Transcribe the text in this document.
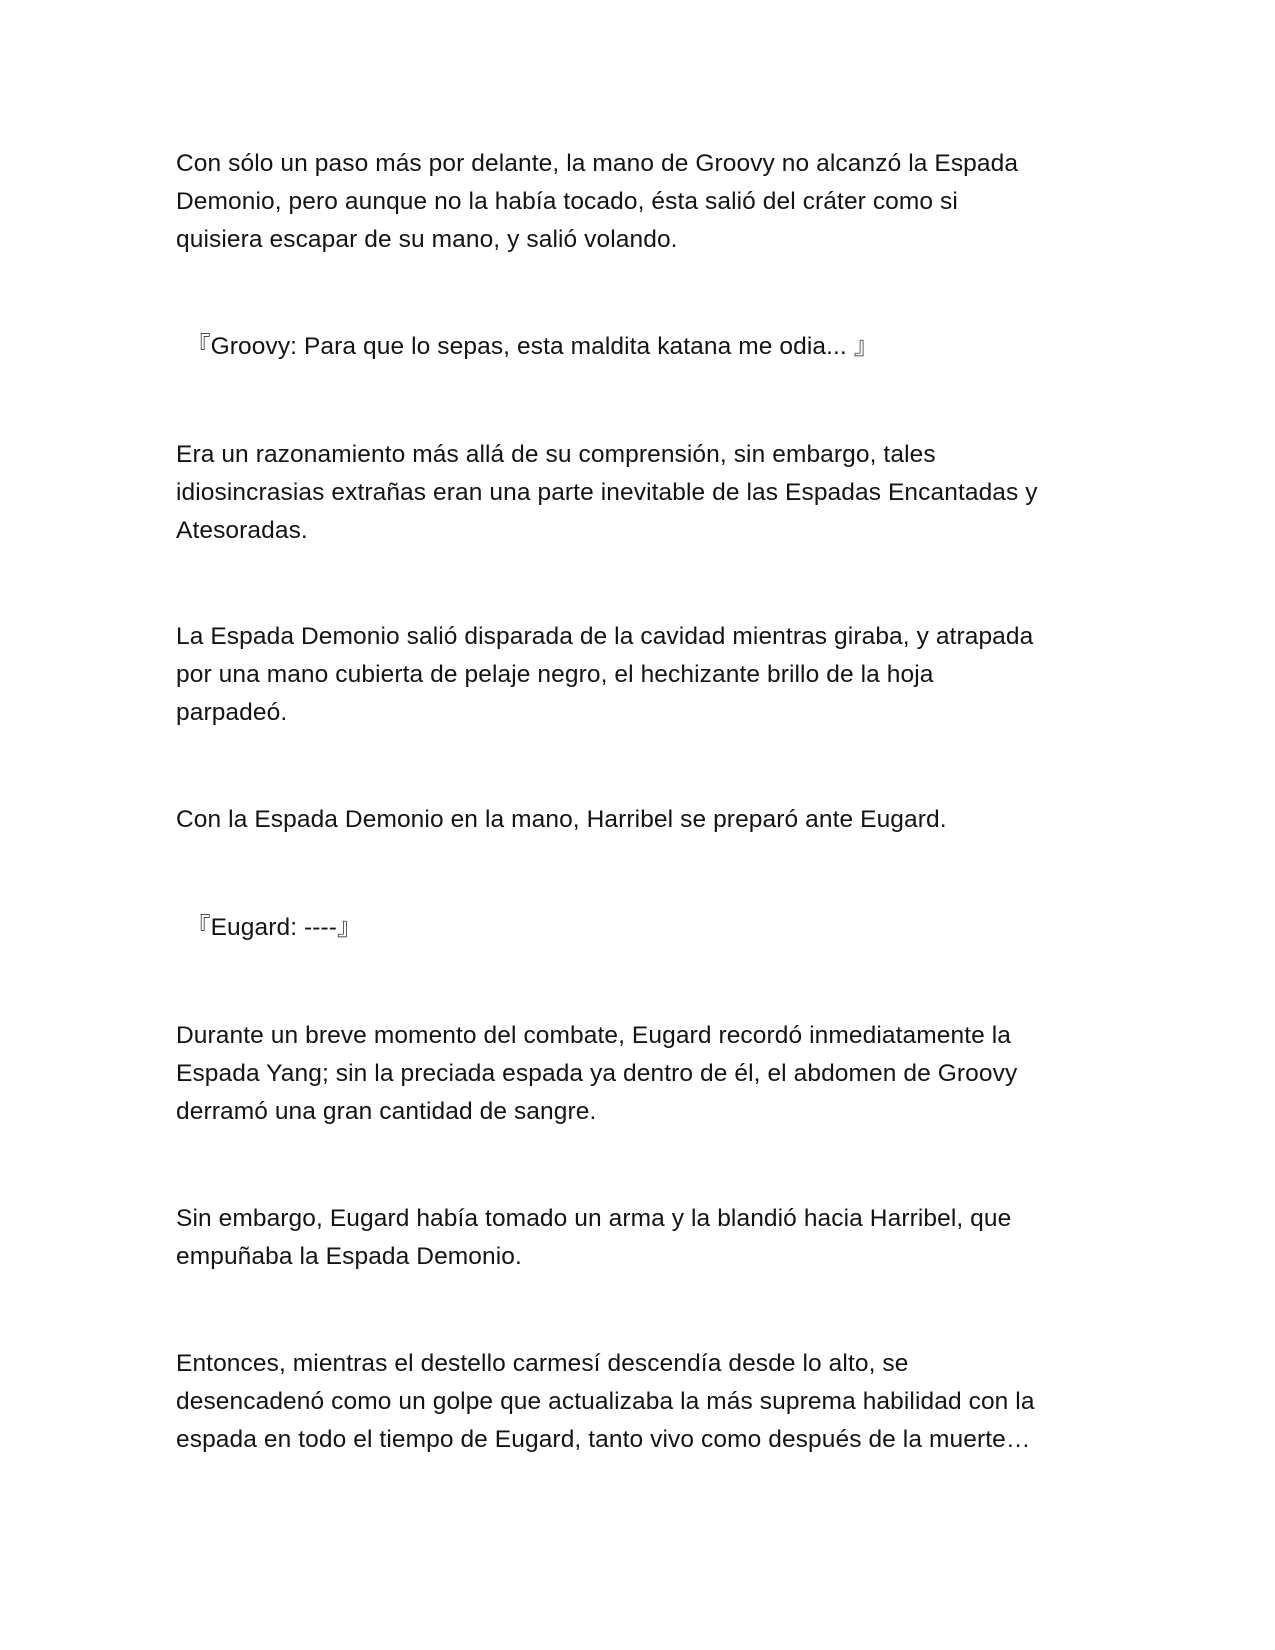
Con sólo un paso más por delante, la mano de Groovy no alcanzó la Espada
Demonio, pero aunque no la había tocado, ésta salió del cráter como si
quisiera escapar de su mano, y salió volando.

『Groovy: Para que lo sepas, esta maldita katana me odia... 』

Era un razonamiento más allá de su comprensión, sin embargo, tales
idiosincrasias extrañas eran una parte inevitable de las Espadas Encantadas y
Atesoradas.

La Espada Demonio salió disparada de la cavidad mientras giraba, y atrapada
por una mano cubierta de pelaje negro, el hechizante brillo de la hoja
parpadeó.

Con la Espada Demonio en la mano, Harribel se preparó ante Eugard.

『Eugard: ----』

Durante un breve momento del combate, Eugard recordó inmediatamente la
Espada Yang; sin la preciada espada ya dentro de él, el abdomen de Groovy
derramó una gran cantidad de sangre.

Sin embargo, Eugard había tomado un arma y la blandió hacia Harribel, que
empuñaba la Espada Demonio.

Entonces, mientras el destello carmesí descendía desde lo alto, se
desencadenó como un golpe que actualizaba la más suprema habilidad con la
espada en todo el tiempo de Eugard, tanto vivo como después de la muerte…
